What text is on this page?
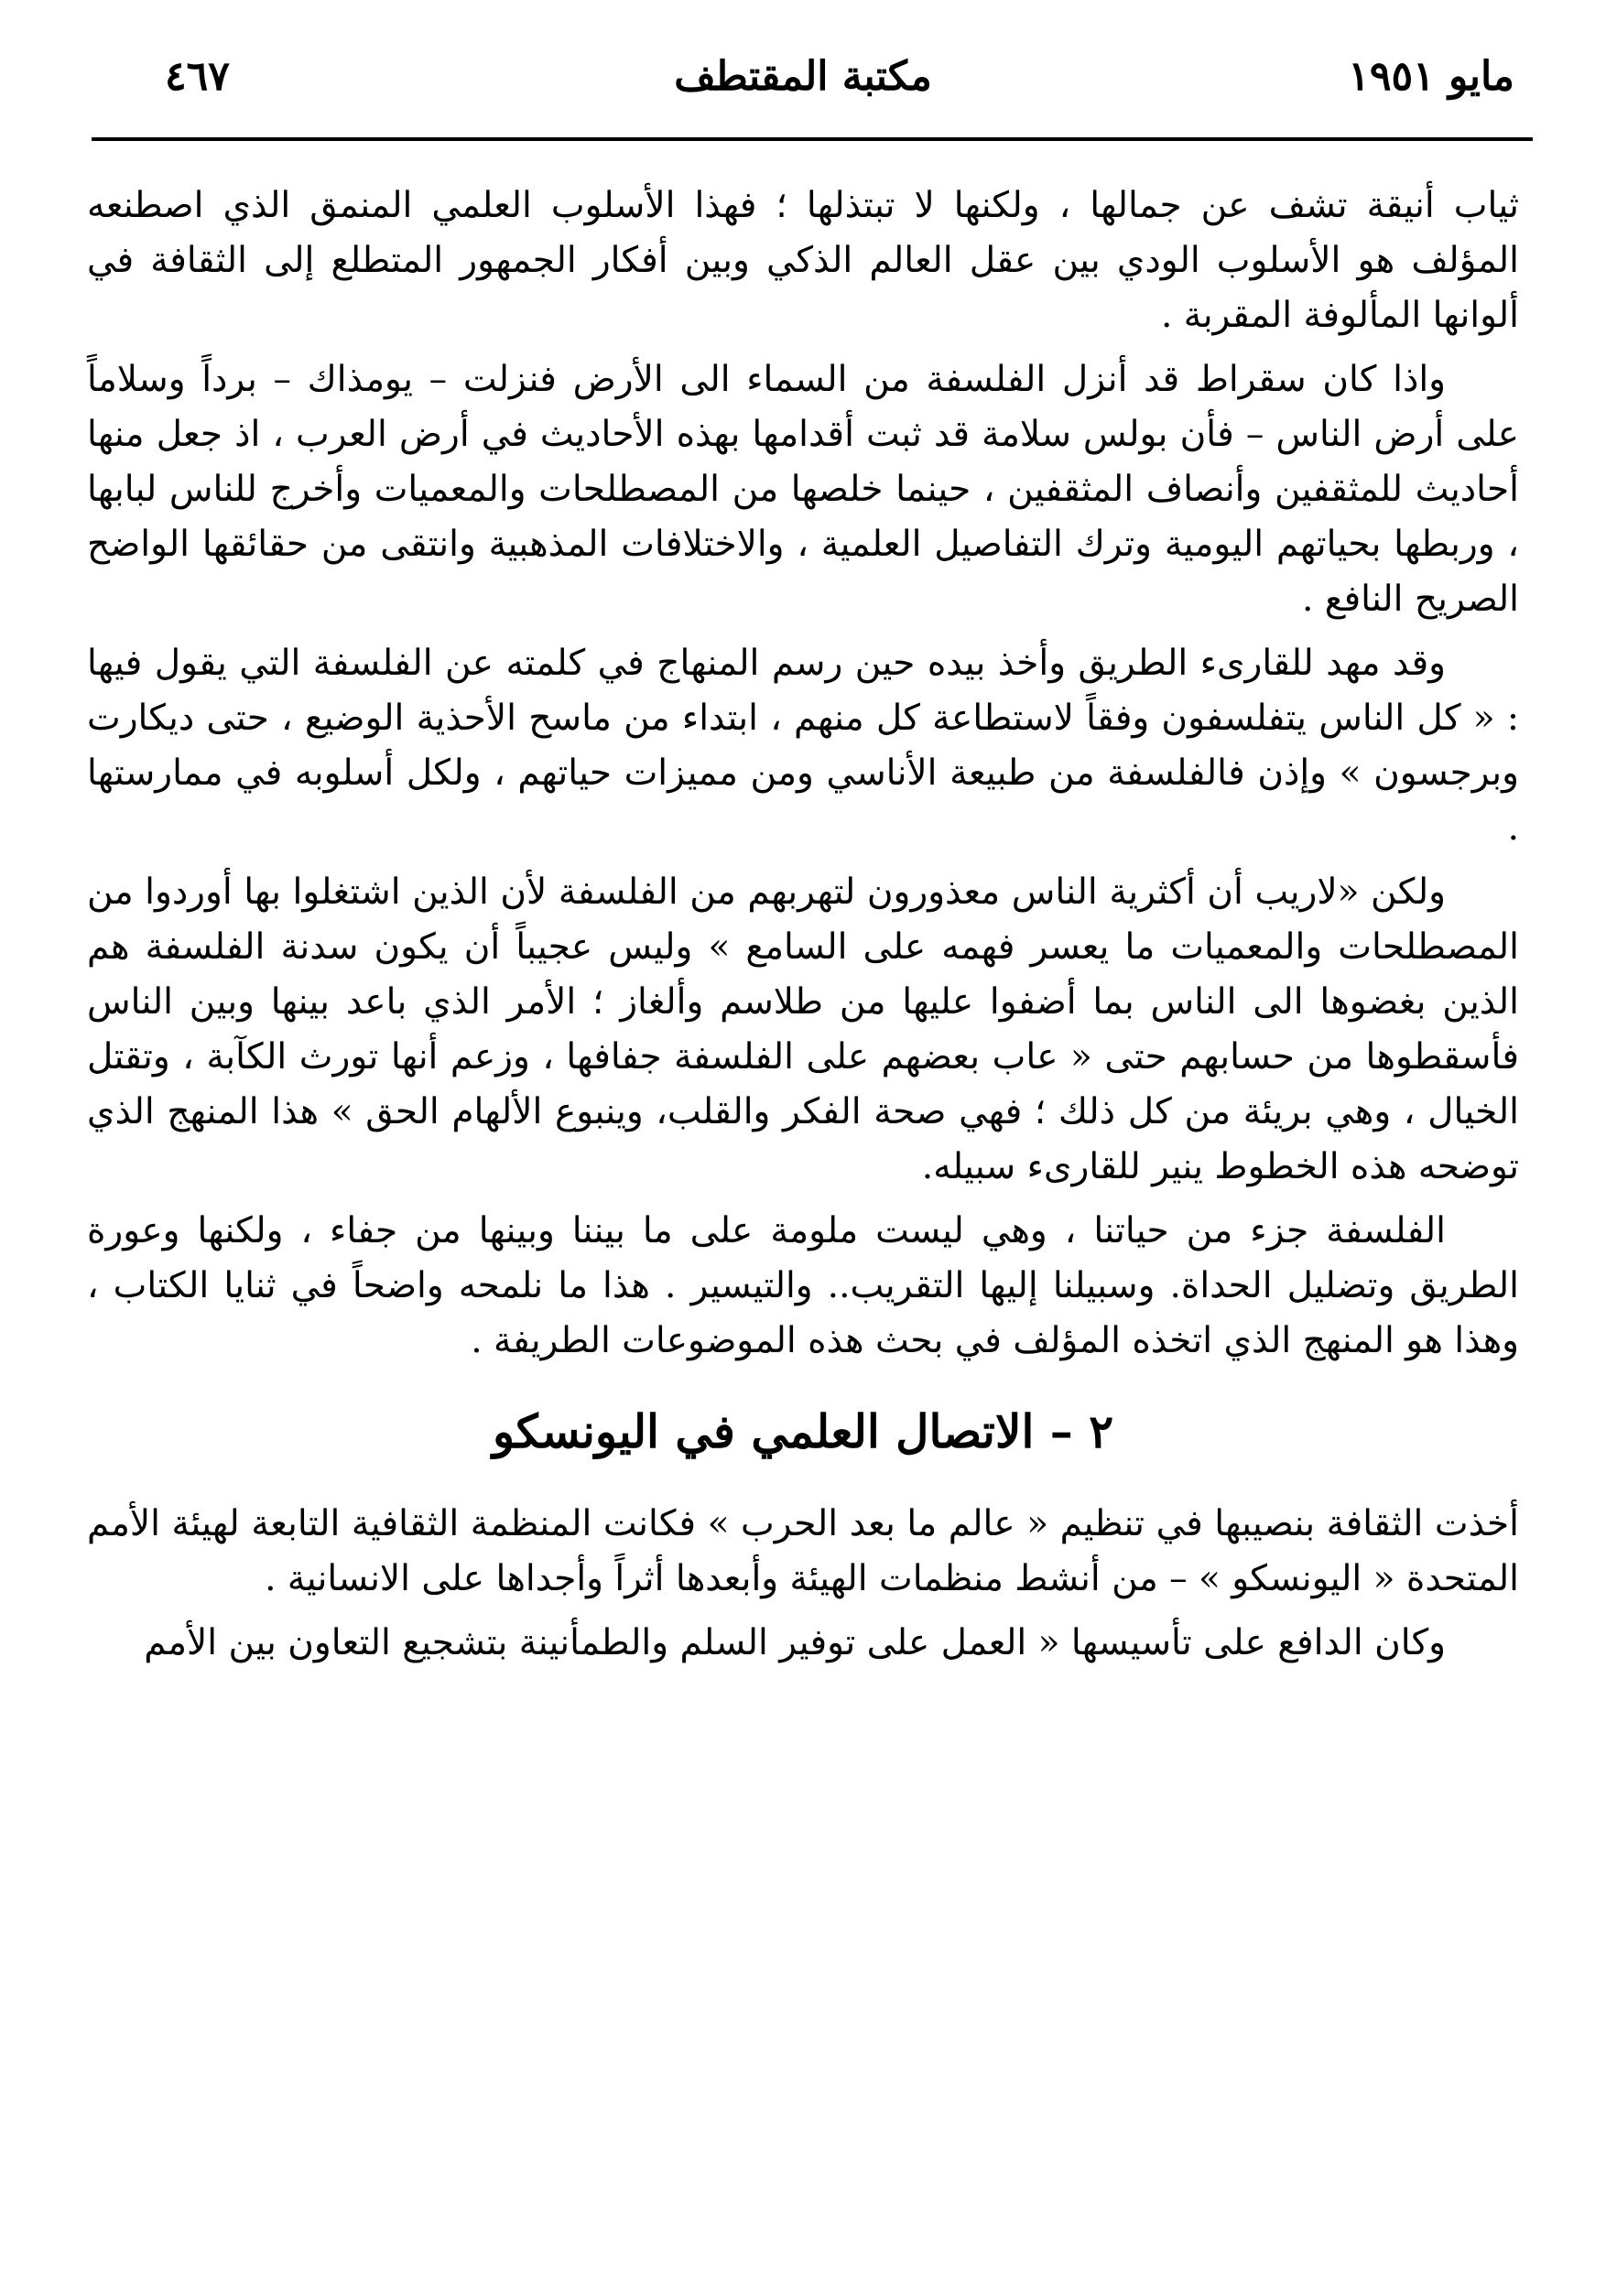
مايو ١٩٥١
مكتبة المقتطف
٤٦٧

ثياب أنيقة تشف عن جمالها ، ولكنها لا تبتذلها ؛ فهذا الأسلوب العلمي المنمق الذي اصطنعه المؤلف هو الأسلوب الودي بين عقل العالم الذكي وبين أفكار الجمهور المتطلع إلى الثقافة في ألوانها المألوفة المقربة .

واذا كان سقراط قد أنزل الفلسفة من السماء الى الأرض فنزلت – يومذاك – برداً وسلاماً على أرض الناس – فأن بولس سلامة قد ثبت أقدامها بهذه الأحاديث في أرض العرب ، اذ جعل منها أحاديث للمثقفين وأنصاف المثقفين ، حينما خلصها من المصطلحات والمعميات وأخرج للناس لبابها ، وربطها بحياتهم اليومية وترك التفاصيل العلمية ، والاختلافات المذهبية وانتقى من حقائقها الواضح الصريح النافع .

وقد مهد للقارىء الطريق وأخذ بيده حين رسم المنهاج في كلمته عن الفلسفة التي يقول فيها : « كل الناس يتفلسفون وفقاً لاستطاعة كل منهم ، ابتداء من ماسح الأحذية الوضيع ، حتى ديكارت وبرجسون » وإذن فالفلسفة من طبيعة الأناسي ومن مميزات حياتهم ، ولكل أسلوبه في ممارستها .

ولكن «لاريب أن أكثرية الناس معذورون لتهربهم من الفلسفة لأن الذين اشتغلوا بها أوردوا من المصطلحات والمعميات ما يعسر فهمه على السامع » وليس عجيباً أن يكون سدنة الفلسفة هم الذين بغضوها الى الناس بما أضفوا عليها من طلاسم وألغاز ؛ الأمر الذي باعد بينها وبين الناس فأسقطوها من حسابهم حتى « عاب بعضهم على الفلسفة جفافها ، وزعم أنها تورث الكآبة ، وتقتل الخيال ، وهي بريئة من كل ذلك ؛ فهي صحة الفكر والقلب، وينبوع الألهام الحق » هذا المنهج الذي توضحه هذه الخطوط ينير للقارىء سبيله.

الفلسفة جزء من حياتنا ، وهي ليست ملومة على ما بيننا وبينها من جفاء ، ولكنها وعورة الطريق وتضليل الحداة. وسبيلنا إليها التقريب.. والتيسير . هذا ما نلمحه واضحاً في ثنايا الكتاب ، وهذا هو المنهج الذي اتخذه المؤلف في بحث هذه الموضوعات الطريفة .

٢ – الاتصال العلمي في اليونسكو

أخذت الثقافة بنصيبها في تنظيم « عالم ما بعد الحرب » فكانت المنظمة الثقافية التابعة لهيئة الأمم المتحدة « اليونسكو » – من أنشط منظمات الهيئة وأبعدها أثراً وأجداها على الانسانية .

وكان الدافع على تأسيسها « العمل على توفير السلم والطمأنينة بتشجيع التعاون بين الأمم
